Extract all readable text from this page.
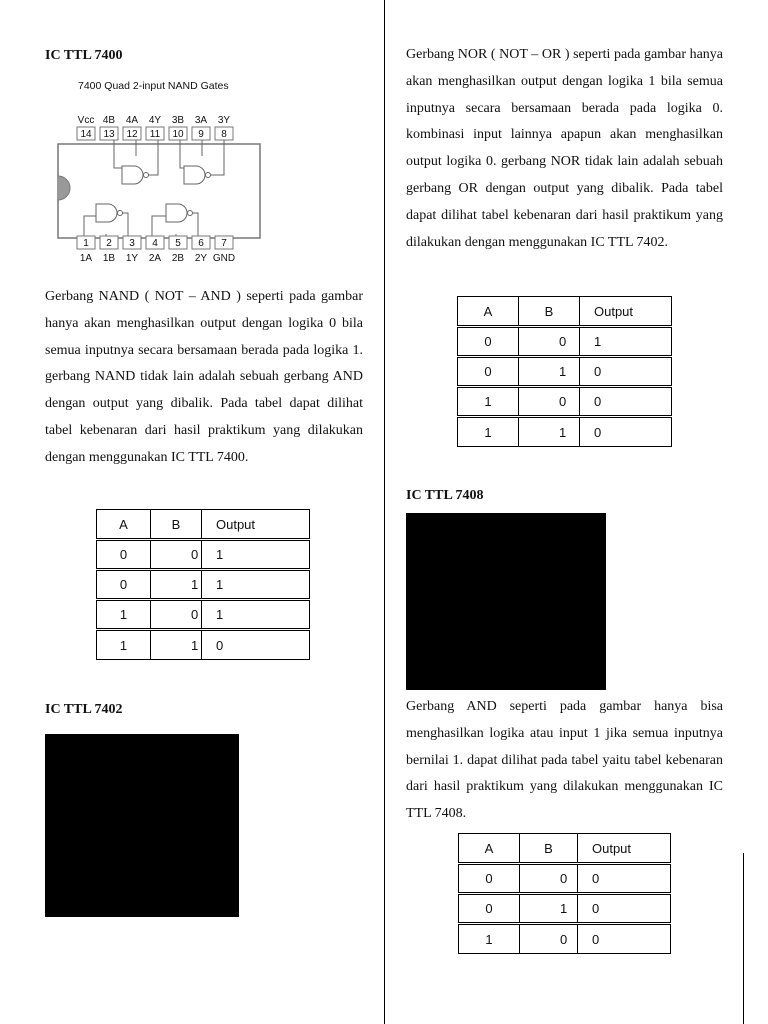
IC TTL 7400
7400 Quad 2-input NAND Gates
Vcc 4B 4A 4Y 3B 3A 3Y
14 13 12 11 10 9 8
1 2 3 4 5 6 7
1A 1B 1Y 2A 2B 2Y GND

Gerbang NAND ( NOT – AND ) seperti pada gambar hanya akan menghasilkan output dengan logika 0 bila semua inputnya secara bersamaan berada pada logika 1. gerbang NAND tidak lain adalah sebuah gerbang AND dengan output yang dibalik. Pada tabel dapat dilihat tabel kebenaran dari hasil praktikum yang dilakukan dengan menggunakan IC TTL 7400.

A	B	Output
0	0	1
0	1	1
1	0	1
1	1	0
IC TTL 7402

Gerbang NOR ( NOT – OR ) seperti pada gambar hanya akan menghasilkan output dengan logika 1 bila semua inputnya secara bersamaan berada pada logika 0. kombinasi input lainnya apapun akan menghasilkan output logika 0. gerbang NOR tidak lain adalah sebuah gerbang OR dengan output yang dibalik. Pada tabel dapat dilihat tabel kebenaran dari hasil praktikum yang dilakukan dengan menggunakan IC TTL 7402.

A	B	Output
0	0	1
0	1	0
1	0	0
1	1	0
IC TTL 7408

Gerbang AND seperti pada gambar hanya bisa menghasilkan logika atau input 1 jika semua inputnya bernilai 1. dapat dilihat pada tabel yaitu tabel kebenaran dari hasil praktikum yang dilakukan menggunakan IC TTL 7408.

A	B	Output
0	0	0
0	1	0
1	0	0
